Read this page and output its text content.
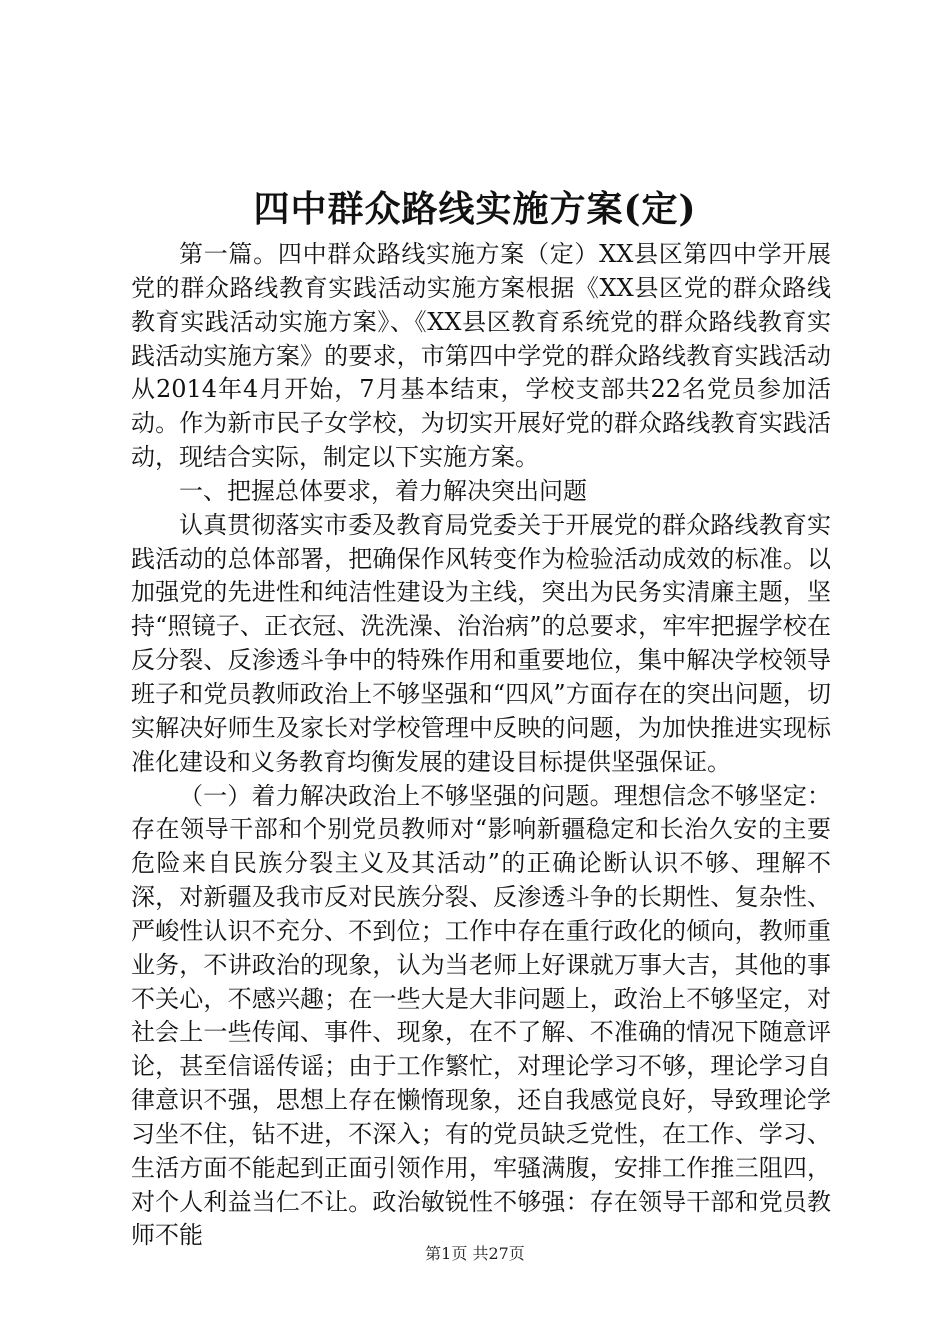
四中群众路线实施方案(定)

第一篇。四中群众路线实施方案（定）XX县区第四中学开展党的群众路线教育实践活动实施方案根据《XX县区党的群众路线教育实践活动实施方案》、《XX县区教育系统党的群众路线教育实践活动实施方案》的要求，市第四中学党的群众路线教育实践活动从2014年4月开始，7月基本结束，学校支部共22名党员参加活动。作为新市民子女学校，为切实开展好党的群众路线教育实践活动，现结合实际，制定以下实施方案。

一、把握总体要求，着力解决突出问题

认真贯彻落实市委及教育局党委关于开展党的群众路线教育实践活动的总体部署，把确保作风转变作为检验活动成效的标准。以加强党的先进性和纯洁性建设为主线，突出为民务实清廉主题，坚持“照镜子、正衣冠、洗洗澡、治治病”的总要求，牢牢把握学校在反分裂、反渗透斗争中的特殊作用和重要地位，集中解决学校领导班子和党员教师政治上不够坚强和“四风”方面存在的突出问题，切实解决好师生及家长对学校管理中反映的问题，为加快推进实现标准化建设和义务教育均衡发展的建设目标提供坚强保证。

（一）着力解决政治上不够坚强的问题。理想信念不够坚定：存在领导干部和个别党员教师对“影响新疆稳定和长治久安的主要危险来自民族分裂主义及其活动”的正确论断认识不够、理解不深，对新疆及我市反对民族分裂、反渗透斗争的长期性、复杂性、严峻性认识不充分、不到位；工作中存在重行政化的倾向，教师重业务，不讲政治的现象，认为当老师上好课就万事大吉，其他的事不关心，不感兴趣；在一些大是大非问题上，政治上不够坚定，对社会上一些传闻、事件、现象，在不了解、不准确的情况下随意评论，甚至信谣传谣；由于工作繁忙，对理论学习不够，理论学习自律意识不强，思想上存在懒惰现象，还自我感觉良好，导致理论学习坐不住，钻不进，不深入；有的党员缺乏党性，在工作、学习、生活方面不能起到正面引领作用，牢骚满腹，安排工作推三阻四，对个人利益当仁不让。政治敏锐性不够强：存在领导干部和党员教师不能

第1页 共27页
